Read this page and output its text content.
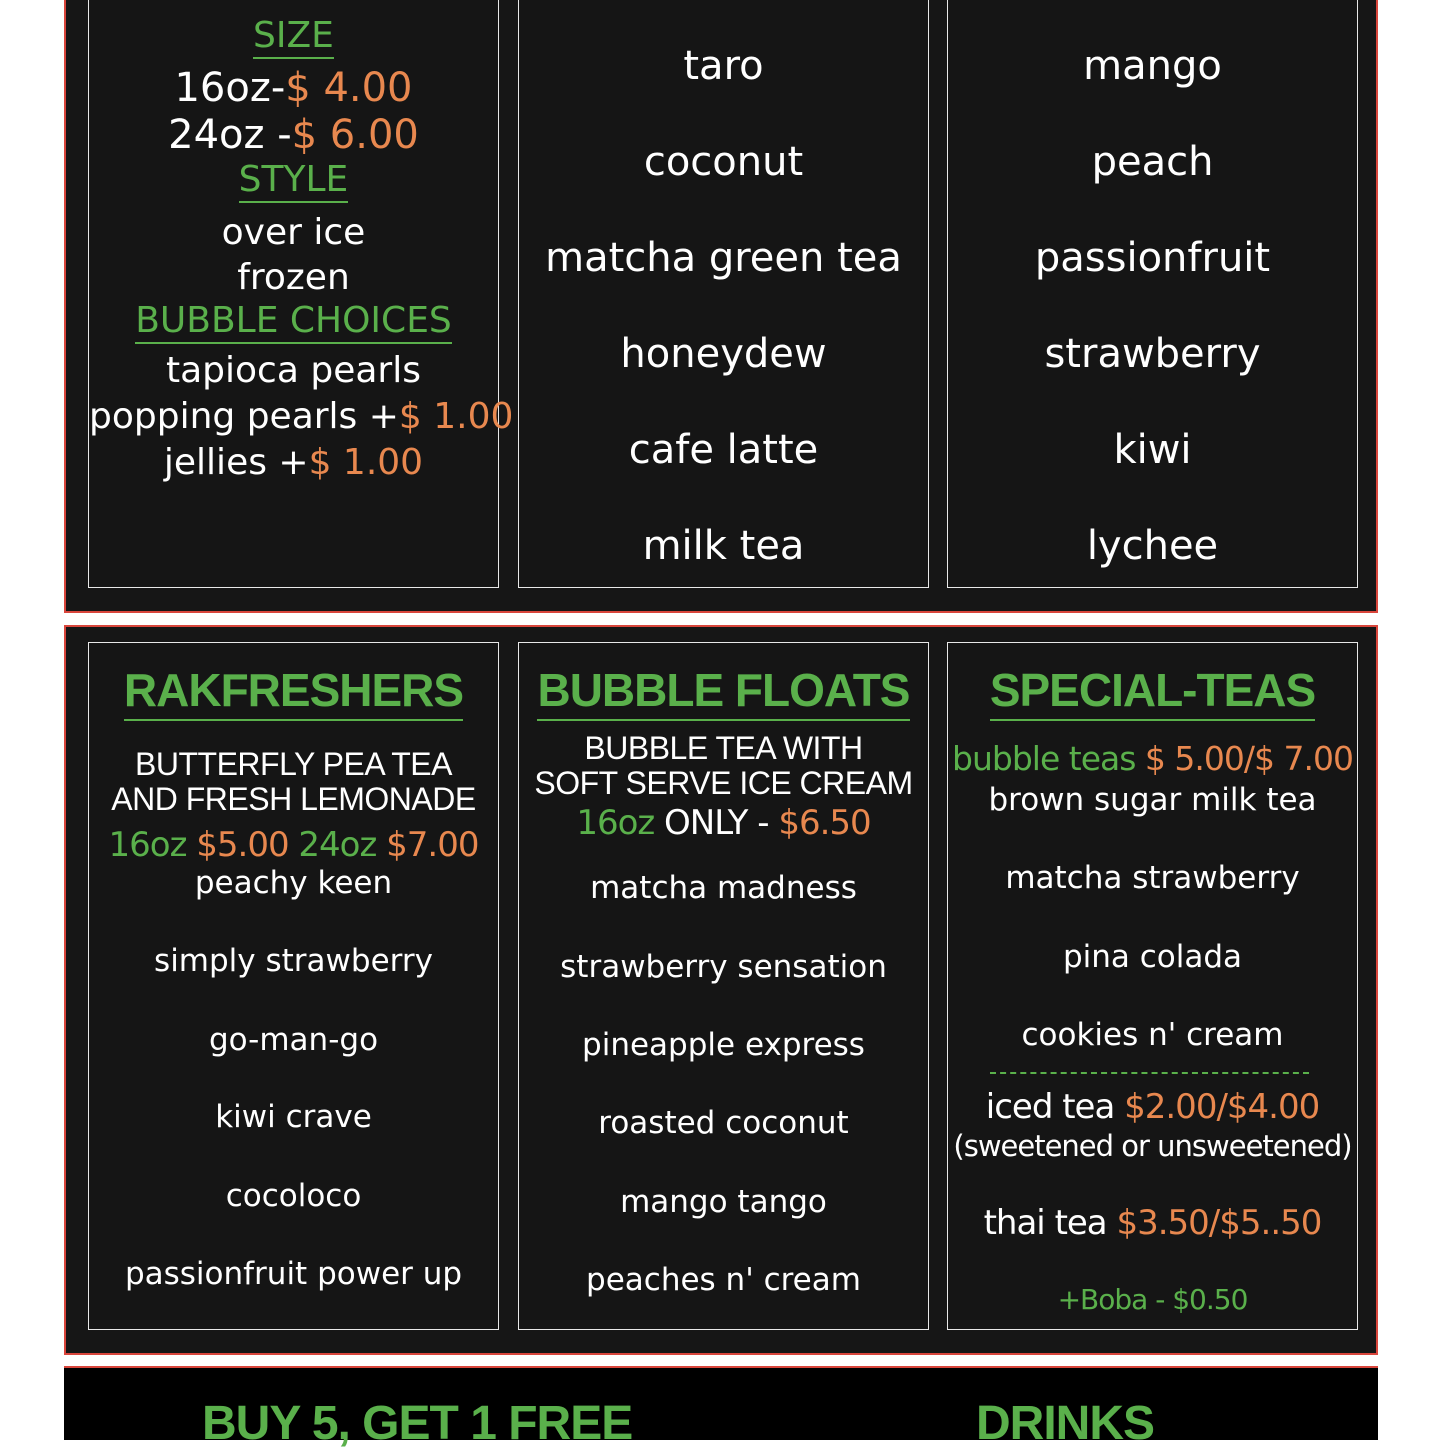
SIZE
16oz-$ 4.00
24oz -$ 6.00
STYLE
over ice
frozen
BUBBLE CHOICES
tapioca pearls
popping pearls +$ 1.00
jellies +$ 1.00
taro
coconut
matcha green tea
honeydew
cafe latte
milk tea
mango
peach
passionfruit
strawberry
kiwi
lychee
RAKFRESHERS
BUTTERFLY PEA TEA
AND FRESH LEMONADE
16oz $5.00 24oz $7.00
peachy keen
simply strawberry
go-man-go
kiwi crave
cocoloco
passionfruit power up
BUBBLE FLOATS
BUBBLE TEA WITH
SOFT SERVE ICE CREAM
16oz ONLY - $6.50
matcha madness
strawberry sensation
pineapple express
roasted coconut
mango tango
peaches n' cream
SPECIAL-TEAS
bubble teas $ 5.00/$ 7.00
brown sugar milk tea
matcha strawberry
pina colada
cookies n' cream
iced tea $2.00/$4.00
(sweetened or unsweetened)
thai tea $3.50/$5..50
+Boba - $0.50
BUY 5, GET 1 FREE	DRINKS
